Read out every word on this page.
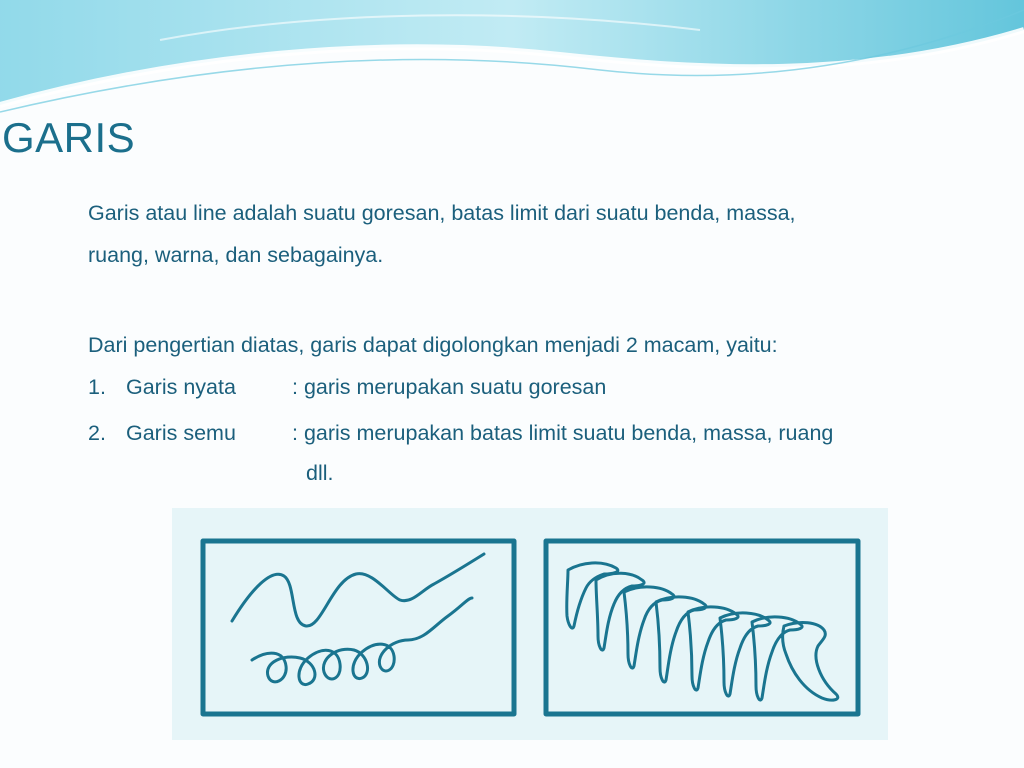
GARIS

Garis atau line adalah suatu goresan, batas limit dari suatu benda, massa,

ruang, warna, dan sebagainya.

Dari pengertian diatas, garis dapat digolongkan menjadi 2 macam, yaitu:

1. Garis nyata	: garis merupakan suatu goresan
2. Garis semu	: garis merupakan batas limit suatu benda, massa, ruang
dll.
